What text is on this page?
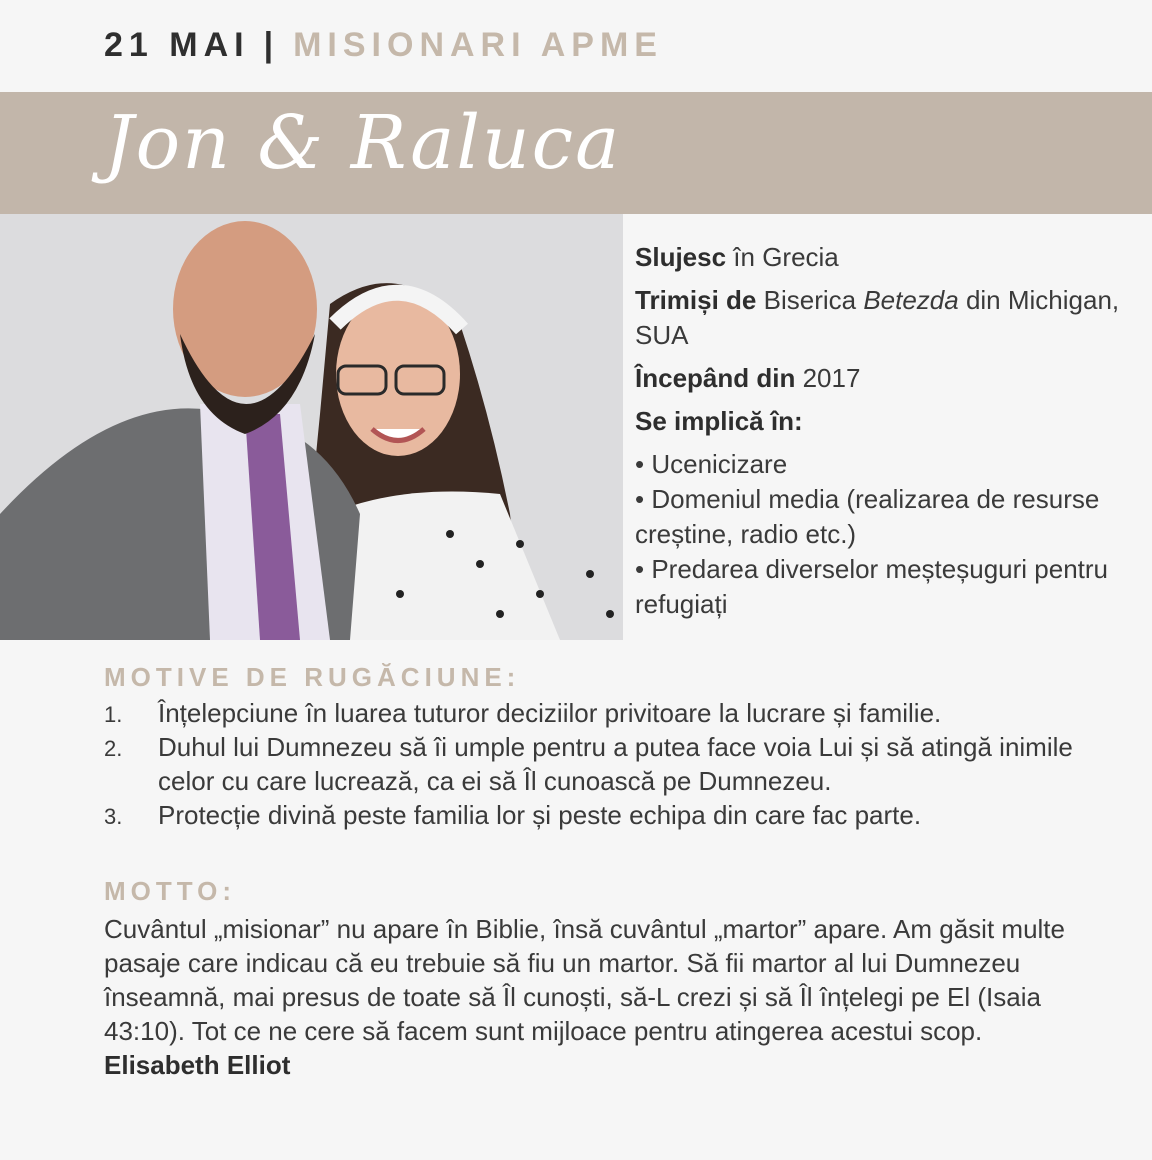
21 MAI | MISIONARI APME
Jon & Raluca

Slujesc în Grecia

Trimiși de Biserica Betezda din Michigan, SUA

Începând din 2017

Se implică în:

• Ucenicizare
• Domeniul media (realizarea de resurse creștine, radio etc.)
• Predarea diverselor meșteșuguri pentru refugiați
MOTIVE DE RUGĂCIUNE:
1. Înțelepciune în luarea tuturor deciziilor privitoare la lucrare și familie.
2. Duhul lui Dumnezeu să îi umple pentru a putea face voia Lui și să atingă inimile celor cu care lucrează, ca ei să Îl cunoască pe Dumnezeu.
3. Protecție divină peste familia lor și peste echipa din care fac parte.
MOTTO:
Cuvântul „misionar” nu apare în Biblie, însă cuvântul „martor” apare. Am găsit multe pasaje care indicau că eu trebuie să fiu un martor. Să fii martor al lui Dumnezeu înseamnă, mai presus de toate să Îl cunoști, să-L crezi și să Îl înțelegi pe El (Isaia 43:10). Tot ce ne cere să facem sunt mijloace pentru atingerea acestui scop. Elisabeth Elliot
